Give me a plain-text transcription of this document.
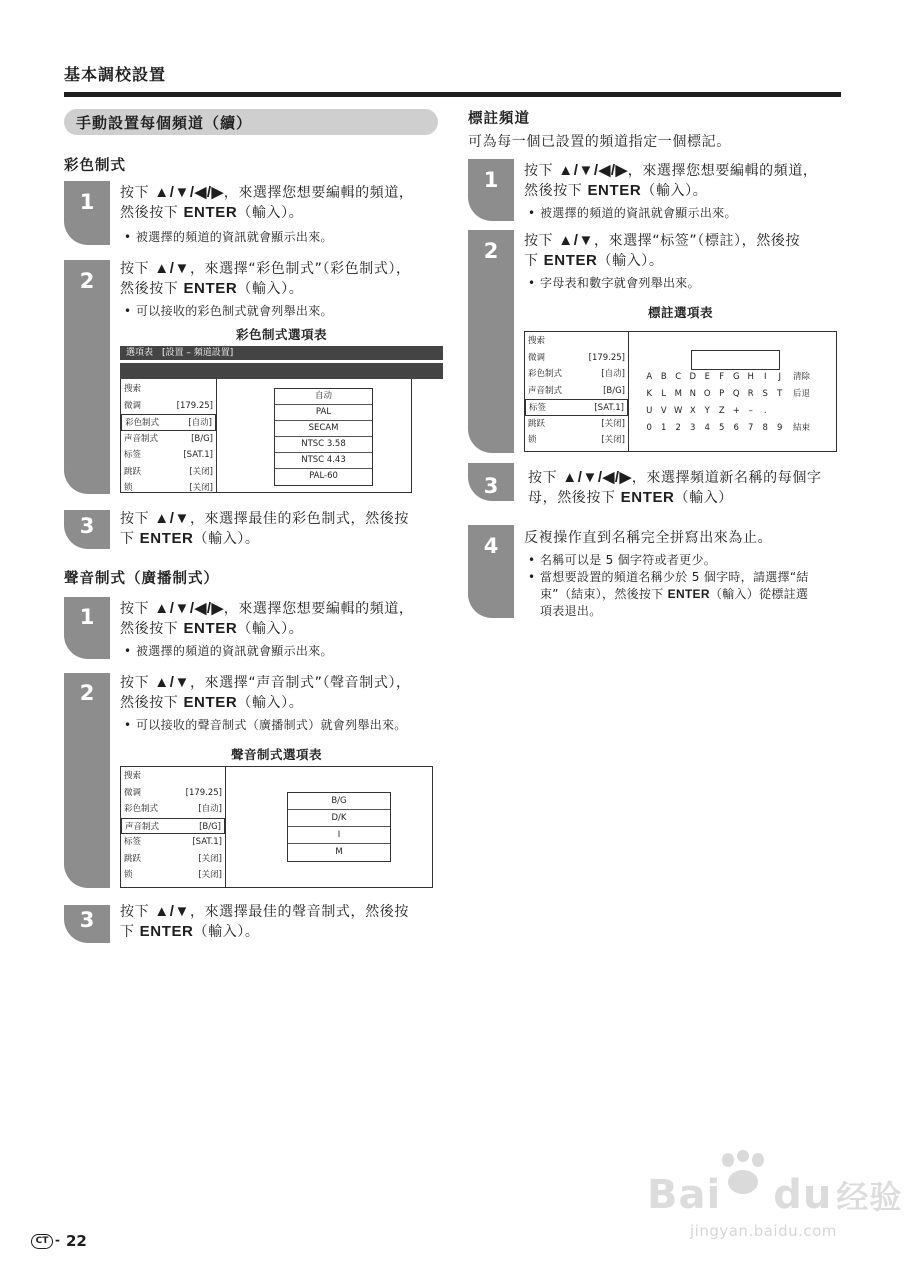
基本調校設置
手動設置每個頻道（續）
彩色制式
1	按下 ▲/▼/◀/▶，來選擇您想要編輯的頻道，
然後按下 ENTER（輸入）。
• 被選擇的頻道的資訊就會顯示出來。
2	按下 ▲/▼，來選擇“彩色制式”（彩色制式），
然後按下 ENTER（輸入）。
• 可以接收的彩色制式就會列舉出來。
彩色制式選項表
選項表　[設置 – 頻道設置]
搜索
微调	[179.25]
彩色制式	[自动]
声音制式	[B/G]
标签	[SAT.1]
跳跃	[关闭]
锁	[关闭]
自动
PAL
SECAM
NTSC 3.58
NTSC 4.43
PAL-60
3	按下 ▲/▼，來選擇最佳的彩色制式，然後按
下 ENTER（輸入）。
聲音制式（廣播制式）
1	按下 ▲/▼/◀/▶，來選擇您想要編輯的頻道，
然後按下 ENTER（輸入）。
• 被選擇的頻道的資訊就會顯示出來。
2	按下 ▲/▼，來選擇“声音制式”（聲音制式），
然後按下 ENTER（輸入）。
• 可以接收的聲音制式（廣播制式）就會列舉出來。
聲音制式選項表
搜索
微调	[179.25]
彩色制式	[自动]
声音制式	[B/G]
标签	[SAT.1]
跳跃	[关闭]
锁	[关闭]
B/G
D/K
I
M
3	按下 ▲/▼，來選擇最佳的聲音制式，然後按
下 ENTER（輸入）。
標註頻道
可為每一個已設置的頻道指定一個標記。
1	按下 ▲/▼/◀/▶，來選擇您想要編輯的頻道，
然後按下 ENTER（輸入）。
• 被選擇的頻道的資訊就會顯示出來。
2	按下 ▲/▼，來選擇“标签”（標註），然後按
下 ENTER（輸入）。
• 字母表和數字就會列舉出來。
標註選項表
搜索
微调	[179.25]
彩色制式	[自动]
声音制式	[B/G]
标签	[SAT.1]
跳跃	[关闭]
锁	[关闭]
A	B	C D	E	F	G H	I	J	清除
K	L M N O	P	Q R	S	T	后退
U V W X	Y	Z +	–	.
0	1	2	3	4	5	6	7	8	9	結束
3	按下 ▲/▼/◀/▶，來選擇頻道新名稱的每個字
母，然後按下 ENTER（輸入）
4	反複操作直到名稱完全拼寫出來為止。
• 名稱可以是 5 個字符或者更少。
• 當想要設置的頻道名稱少於 5 個字時，請選擇“結
束”（結束），然後按下 ENTER（輸入）從標註選
項表退出。
CT - 22
Bai du 经验
jingyan.baidu.com
